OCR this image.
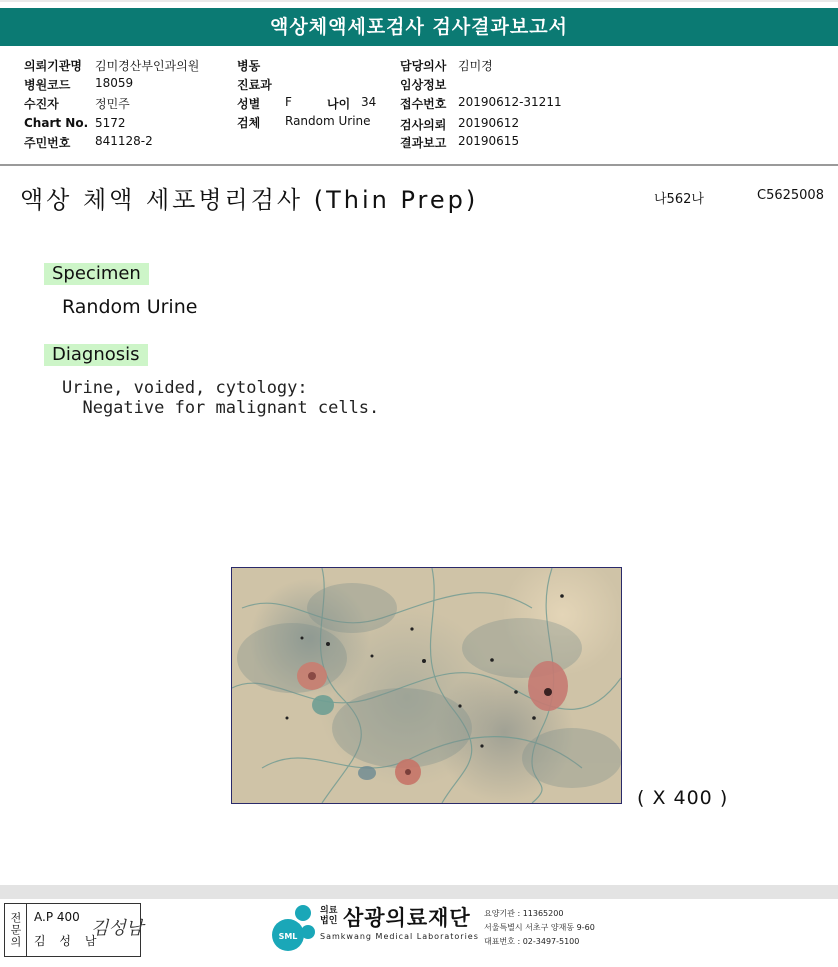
액상체액세포검사 검사결과보고서
의뢰기관명 김미경산부인과의원
병원코드 18059
수진자	정민주
Chart No. 5172
주민번호 841128-2
병동
진료과
성별 F	나이 34
검체 Random Urine
담당의사 김미경
임상정보
접수번호 20190612-31211
검사의뢰 20190612
결과보고 20190615
액상 체액 세포병리검사 (Thin Prep)	나562나	C5625008
Specimen
Random Urine
Diagnosis
Urine, voided, cytology:
Negative for malignant cells.
( X 400 )
전문의	A.P 400
김 성 남
김성남	SML
의료
법인 삼광의료재단
Samkwang Medical Laboratories
요양기관 : 11365200
서울특별시 서초구 양재동 9-60
대표번호 : 02-3497-5100
